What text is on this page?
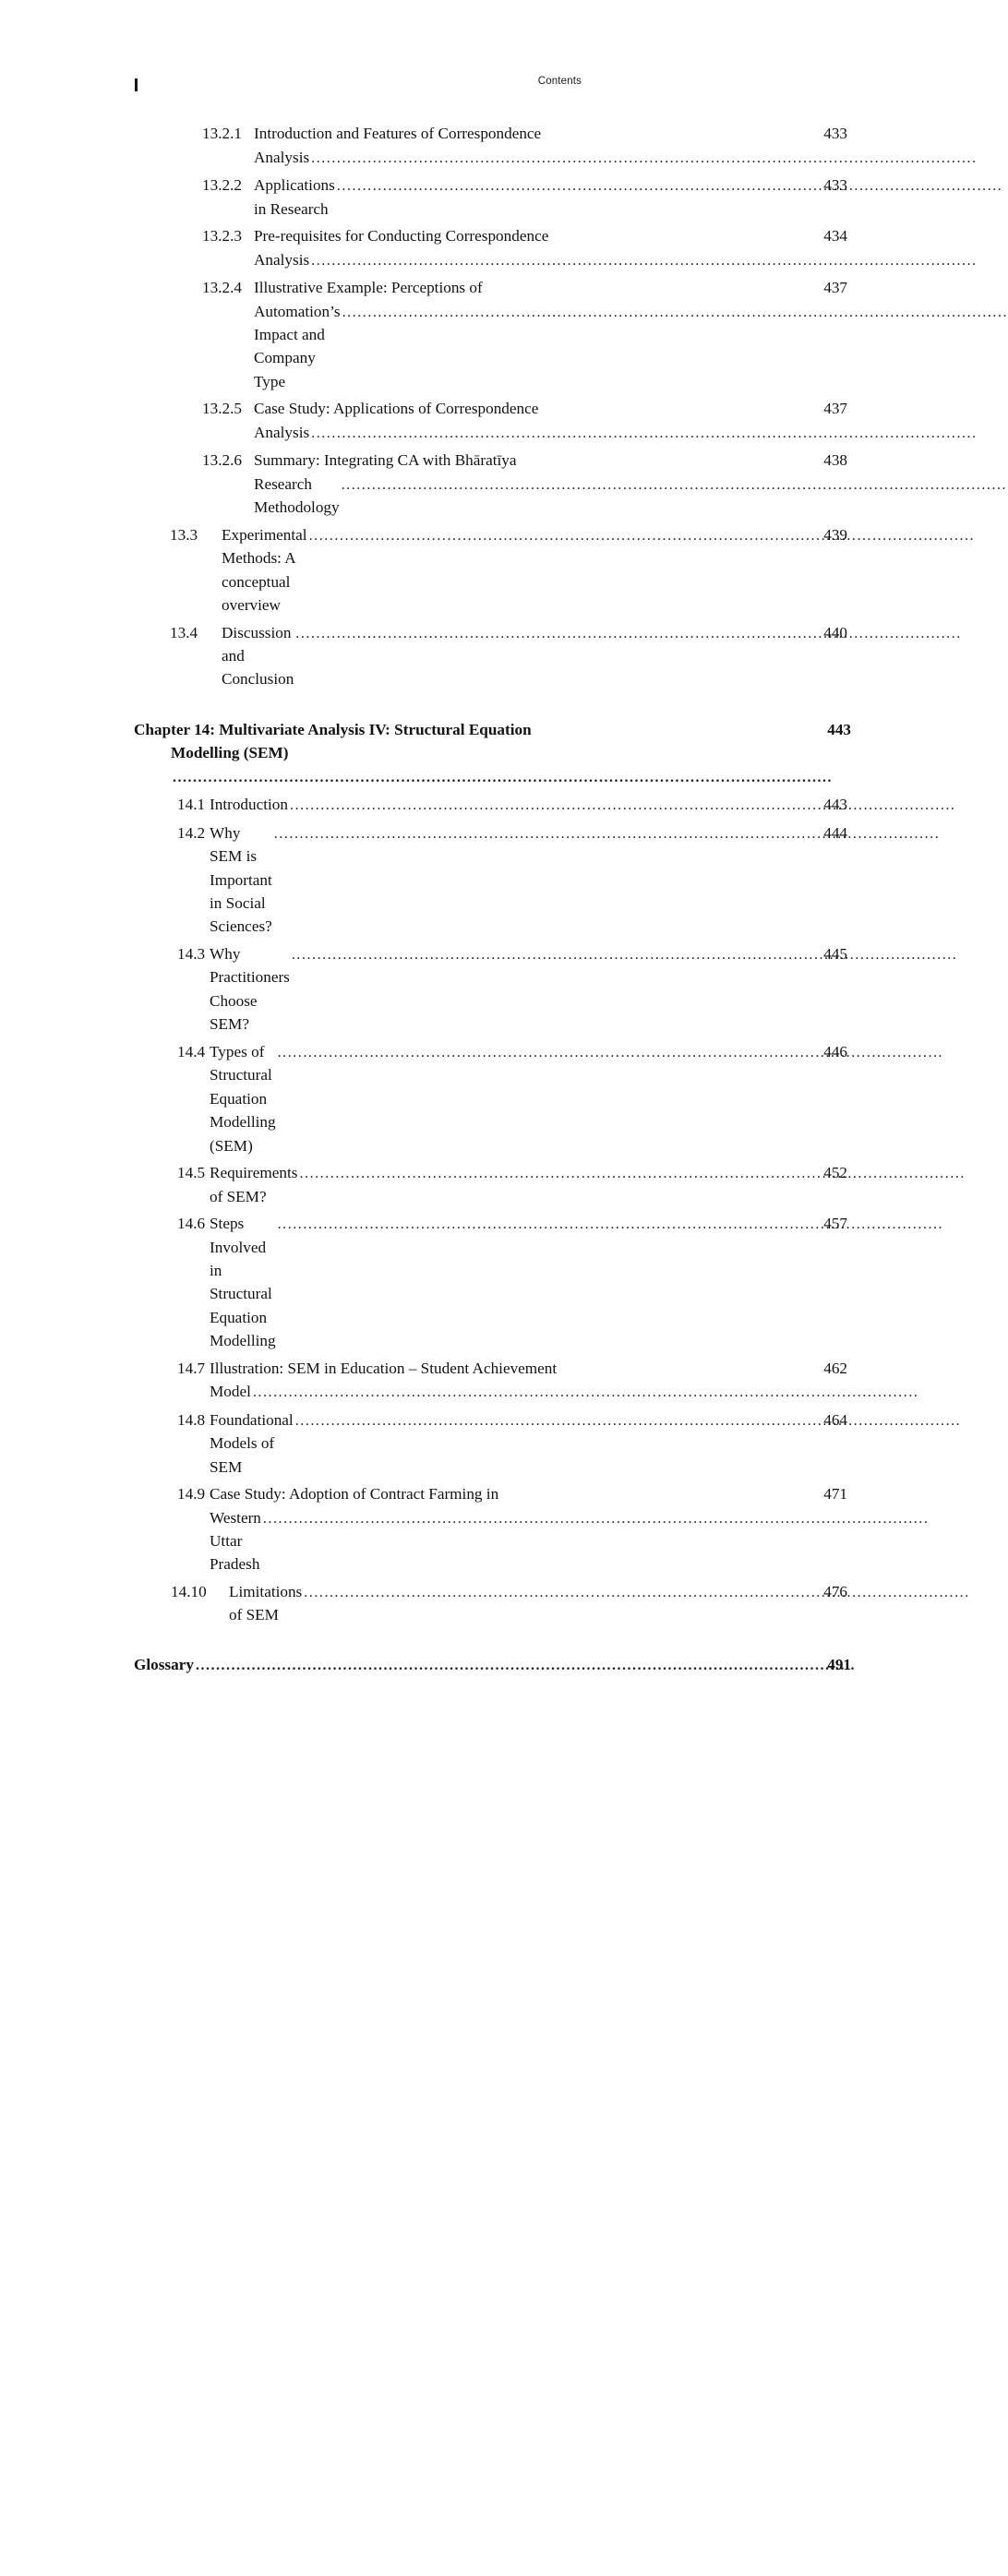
Contents
13.2.1 Introduction and Features of Correspondence
Analysis
.....
433
13.2.2 Applications in Research
.....
433
13.2.3 Pre-requisites for Conducting Correspondence
Analysis
.....
434
13.2.4 Illustrative Example: Perceptions of
Automation’s Impact and Company Type
.....
437
13.2.5 Case Study: Applications of Correspondence
Analysis
.....
437
13.2.6 Summary: Integrating CA with Bhāratīya
Research Methodology
.....
438
13.3 Experimental Methods: A conceptual overview
.....
439
13.4 Discussion and Conclusion
.....
440
Chapter 14: Multivariate Analysis IV: Structural Equation
Modelling (SEM) .....
443
14.1 Introduction .....	443
14.2 Why SEM is Important in Social Sciences?
.....
444
14.3 Why Practitioners Choose SEM?
.....
445
14.4 Types of Structural Equation Modelling (SEM)
.....
446
14.5 Requirements of SEM?
.....
452
14.6 Steps Involved in Structural Equation Modelling
.....
457
14.7 Illustration: SEM in Education – Student Achievement
Model
.....
462
14.8 Foundational Models of SEM
.....
464
14.9 Case Study: Adoption of Contract Farming in
Western Uttar Pradesh
.....
471
14.10 Limitations of SEM
.....
476
Glossary .....	491
